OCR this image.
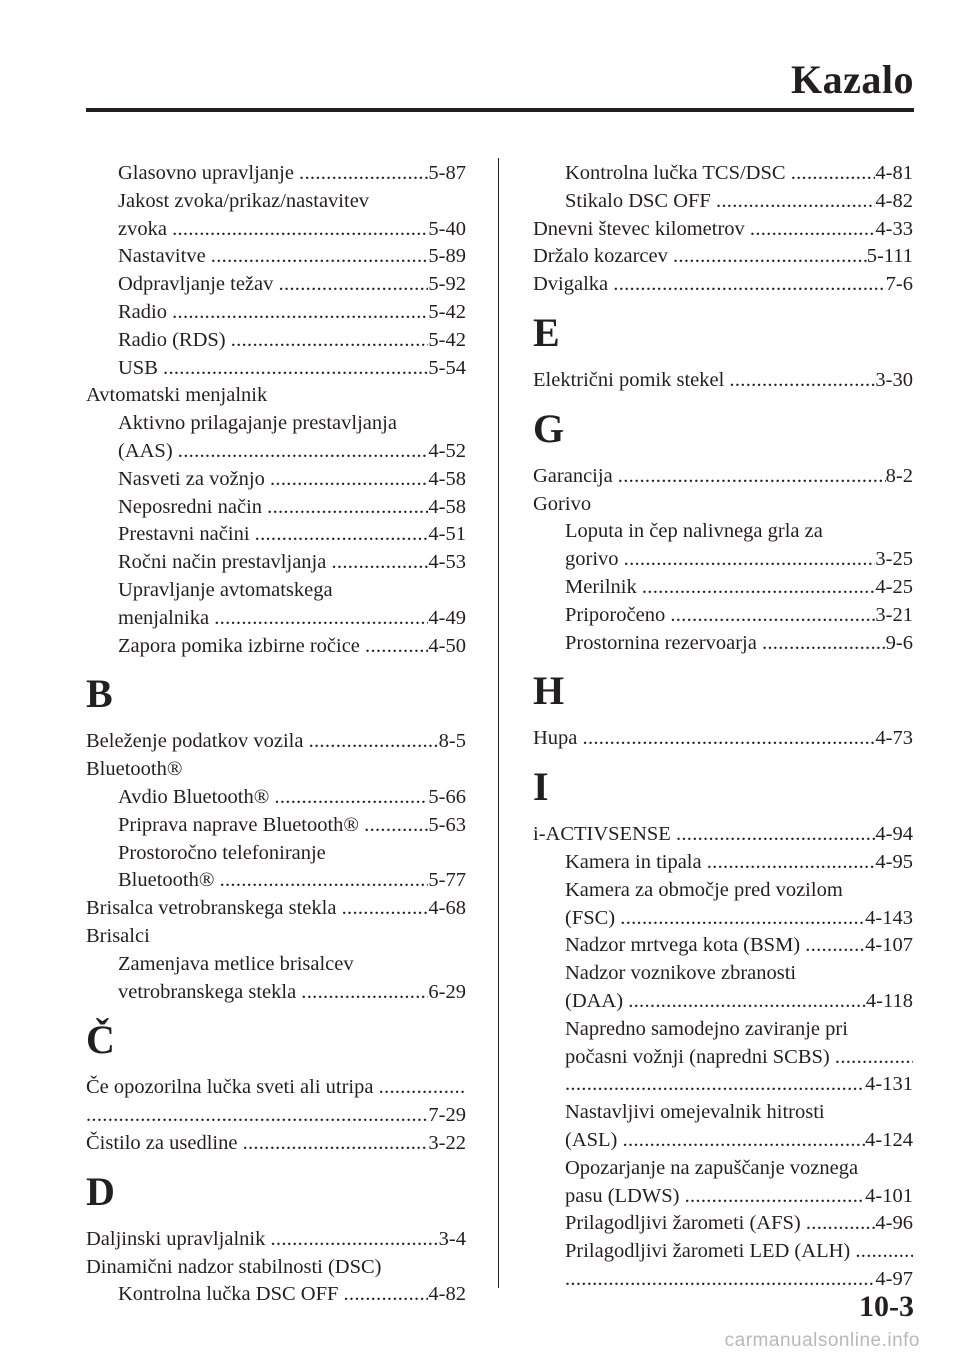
Kazalo
Glasovno upravljanje
.....	5-87
Jakost zvoka/prikaz/nastavitev
zvoka
.....	5-40
Nastavitve
.....	5-89
Odpravljanje težav
.....	5-92
Radio
.....	5-42
Radio (RDS)
.....	5-42
USB
.....	5-54
Avtomatski menjalnik
Aktivno prilagajanje prestavljanja
(AAS)
.....	4-52
Nasveti za vožnjo
.....	4-58
Neposredni način
.....	4-58
Prestavni načini
.....	4-51
Ročni način prestavljanja
.....	4-53
Upravljanje avtomatskega
menjalnika
.....	4-49
Zapora pomika izbirne ročice
.....	4-50
B
Beleženje podatkov vozila
.....	8-5
Bluetooth®
Avdio Bluetooth®
.....	5-66
Priprava naprave Bluetooth®
.....	5-63
Prostoročno telefoniranje
Bluetooth®
.....	5-77
Brisalca vetrobranskega stekla
.....	4-68
Brisalci
Zamenjava metlice brisalcev
vetrobranskega stekla
.....	6-29
Č
Če opozorilna lučka sveti ali utripa

.....
.....
7-29
Čistilo za usedline
.....	3-22
D
Daljinski upravljalnik
.....	3-4
Dinamični nadzor stabilnosti (DSC)
Kontrolna lučka DSC OFF
.....	4-82
Kontrolna lučka TCS/DSC
.....	4-81
Stikalo DSC OFF
.....	4-82
Dnevni števec kilometrov
.....	4-33
Držalo kozarcev
.....	5-111
Dvigalka
.....	7-6
E
Električni pomik stekel
.....	3-30
G
Garancija
.....	8-2
Gorivo
Loputa in čep nalivnega grla za
gorivo
.....	3-25
Merilnik
.....	4-25
Priporočeno
.....	3-21
Prostornina rezervoarja
.....	9-6
H
Hupa
.....	4-73
I
i-ACTIVSENSE
.....	4-94
Kamera in tipala
.....	4-95
Kamera za območje pred vozilom
(FSC)
.....	4-143
Nadzor mrtvega kota (BSM)
.....	4-107
Nadzor voznikove zbranosti
(DAA)
.....	4-118
Napredno samodejno zaviranje pri
počasni vožnji (napredni SCBS)

.....
.....
4-131
Nastavljivi omejevalnik hitrosti
(ASL)
.....	4-124
Opozarjanje na zapuščanje voznega
pasu (LDWS)
.....	4-101
Prilagodljivi žarometi (AFS)
.....	4-96
Prilagodljivi žarometi LED (ALH)

.....
.....
4-97
10-3
carmanualsonline.info
